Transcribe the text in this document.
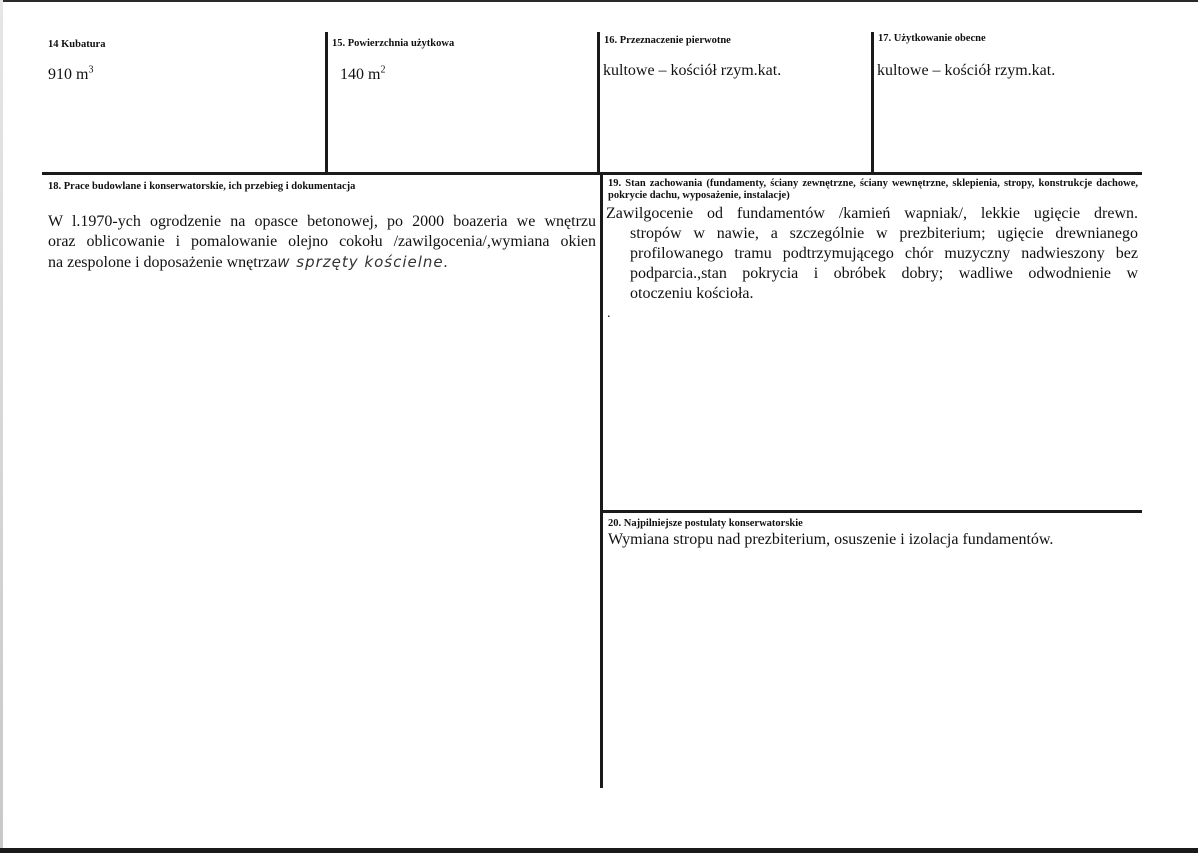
14 Kubatura
910 $m^3$
15. Powierzchnia użytkowa
140 $m^2$
16. Przeznaczenie pierwotne
kultowe – kościół rzym.kat.
17. Użytkowanie obecne
kultowe – kościół rzym.kat.
18. Prace budowlane i konserwatorskie, ich przebieg i dokumentacja
W l.1970-ych ogrodzenie na opasce betonowej, po 2000 boazeria we wnętrzu
oraz oblicowanie i pomalowanie olejno cokołu /zawilgocenia/,wymiana okien
na zespolone i doposażenie wnętrzaw sprzęty kościelne.
19. Stan zachowania (fundamenty, ściany zewnętrzne, ściany wewnętrzne, sklepienia, stropy, konstrukcje dachowe, pokrycie dachu, wyposażenie, instalacje)
Zawilgocenie od fundamentów /kamień wapniak/, lekkie ugięcie drewn.
stropów w nawie, a szczególnie w prezbiterium; ugięcie drewnianego
profilowanego tramu podtrzymującego chór muzyczny nadwieszony bez
podparcia.,stan pokrycia i obróbek dobry; wadliwe odwodnienie w
otoczeniu kościoła.
.
20. Najpilniejsze postulaty konserwatorskie
Wymiana stropu nad prezbiterium, osuszenie i izolacja fundamentów.
